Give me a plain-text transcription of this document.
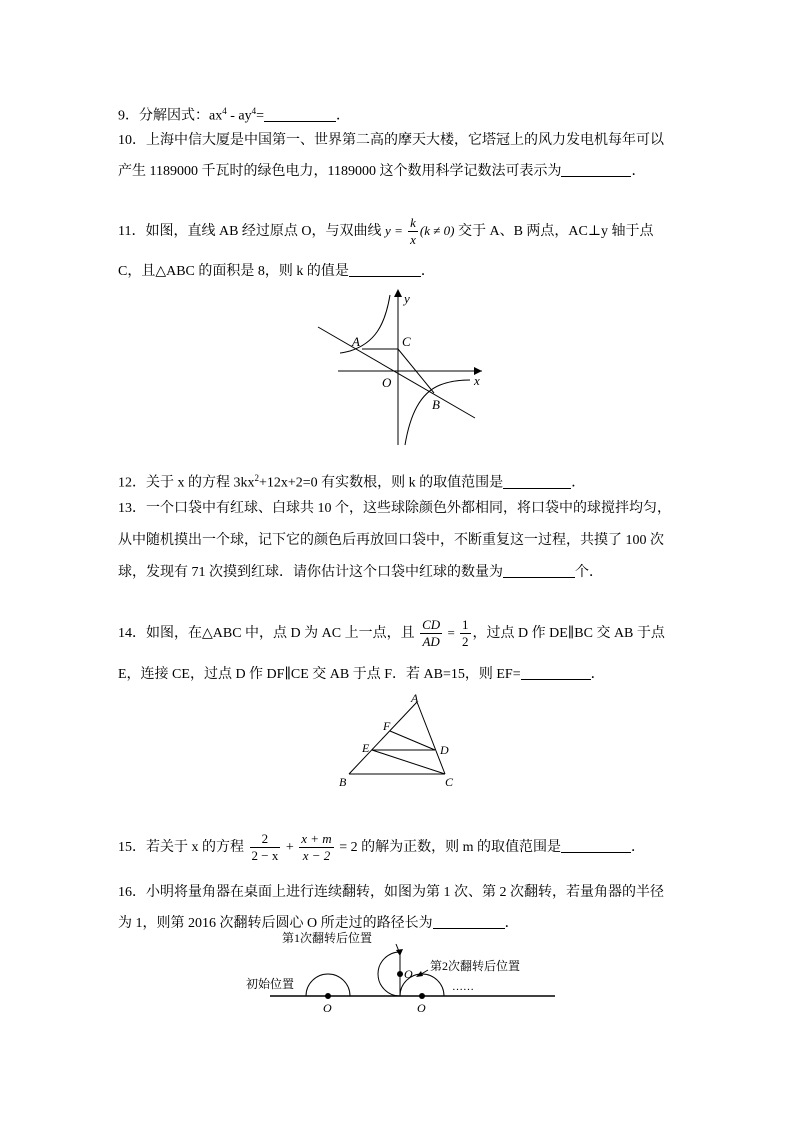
9．分解因式：$ax^4 - ay^4=$	．
10．上海中信大厦是中国第一、世界第二高的摩天大楼，它塔冠上的风力发电机每年可以
产生 1189000 千瓦时的绿色电力，1189000 这个数用科学记数法可表示为	．
11．如图，直线 AB 经过原点 O，与双曲线 $y = \frac{k}{x} (k \ne 0)$ 交于 A、B 两点，AC⊥y 轴于点
C，且△ABC 的面积是 8，则 k 的值是	．
y
x
O
A	C
B
12．关于 x 的方程 $3kx^2+12x+2=0$ 有实数根，则 k 的取值范围是	．
13．一个口袋中有红球、白球共 10 个，这些球除颜色外都相同，将口袋中的球搅拌均匀，
从中随机摸出一个球，记下它的颜色后再放回口袋中，不断重复这一过程，共摸了 100 次
球，发现有 71 次摸到红球．请你估计这个口袋中红球的数量为	个．
14．如图，在△ABC 中，点 D 为 AC 上一点，且 $\frac{CD}{AD} = \frac{1}{2}$ ，过点 D 作 DE∥BC 交 AB 于点
E，连接 CE，过点 D 作 DF∥CE 交 AB 于点 F．若 AB=15，则 EF=	．
A
B	C
D
E
F
15．若关于 x 的方程 $\frac{2}{2 - x} + \frac{x + m}{x - 2} = 2$ 的解为正数，则 m 的取值范围是	．
16．小明将量角器在桌面上进行连续翻转，如图为第 1 次、第 2 次翻转，若量角器的半径
为 1，则第 2016 次翻转后圆心 O 所走过的路径长为	．
第1次翻转后位置
第2次翻转后位置
初始位置	……
O
O
O
